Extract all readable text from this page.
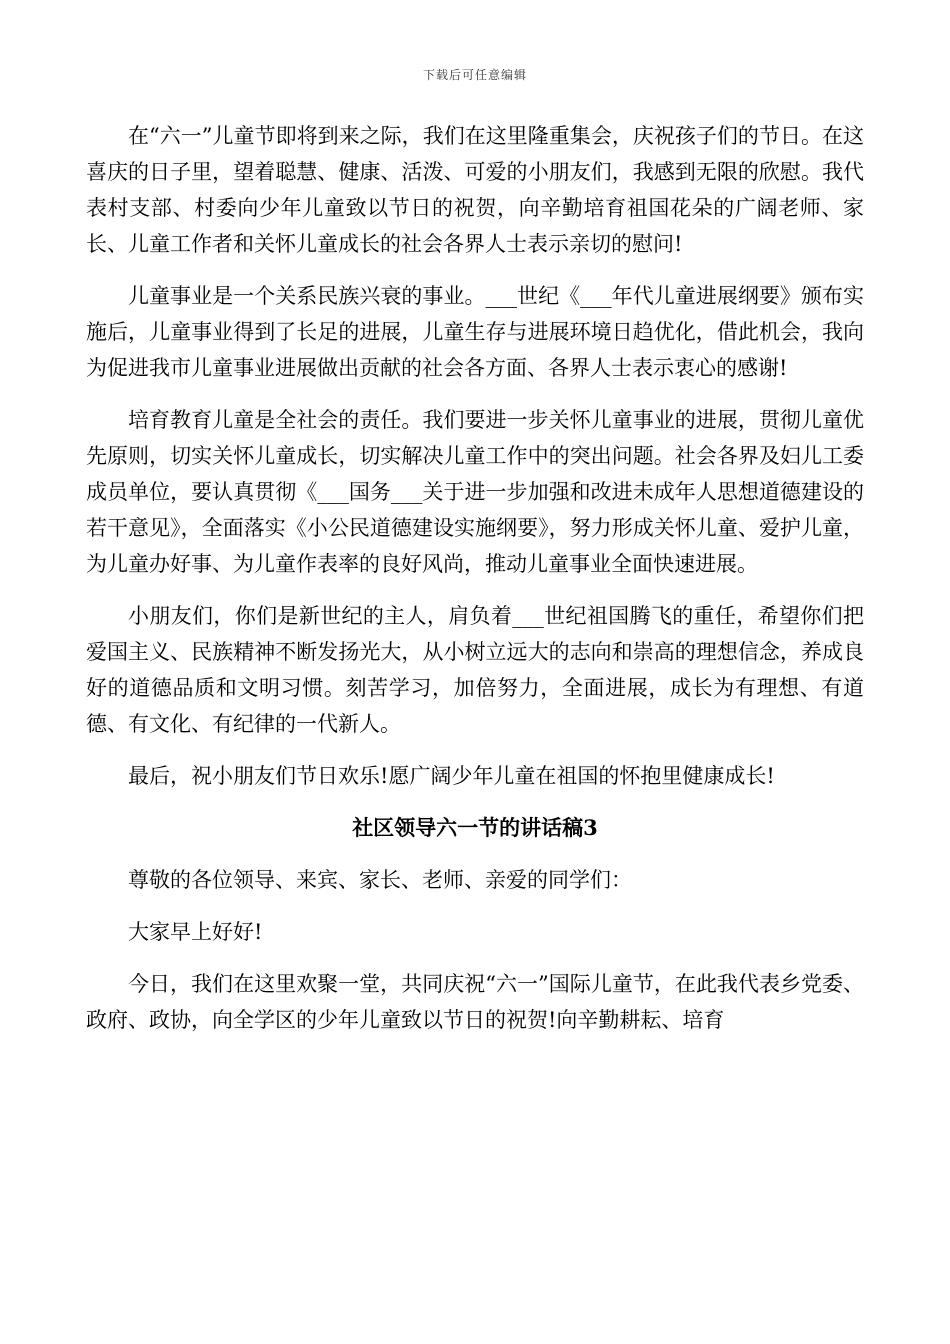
下载后可任意编辑

在“六一”儿童节即将到来之际，我们在这里隆重集会，庆祝孩子们的节日。在这喜庆的日子里，望着聪慧、健康、活泼、可爱的小朋友们，我感到无限的欣慰。我代表村支部、村委向少年儿童致以节日的祝贺，向辛勤培育祖国花朵的广阔老师、家长、儿童工作者和关怀儿童成长的社会各界人士表示亲切的慰问!

儿童事业是一个关系民族兴衰的事业。___世纪《___年代儿童进展纲要》颁布实施后，儿童事业得到了长足的进展，儿童生存与进展环境日趋优化，借此机会，我向为促进我市儿童事业进展做出贡献的社会各方面、各界人士表示衷心的感谢!

培育教育儿童是全社会的责任。我们要进一步关怀儿童事业的进展，贯彻儿童优先原则，切实关怀儿童成长，切实解决儿童工作中的突出问题。社会各界及妇儿工委成员单位，要认真贯彻《___国务___关于进一步加强和改进未成年人思想道德建设的若干意见》，全面落实《小公民道德建设实施纲要》，努力形成关怀儿童、爱护儿童，为儿童办好事、为儿童作表率的良好风尚，推动儿童事业全面快速进展。

小朋友们，你们是新世纪的主人，肩负着___世纪祖国腾飞的重任，希望你们把爱国主义、民族精神不断发扬光大，从小树立远大的志向和崇高的理想信念，养成良好的道德品质和文明习惯。刻苦学习，加倍努力，全面进展，成长为有理想、有道德、有文化、有纪律的一代新人。

最后，祝小朋友们节日欢乐!愿广阔少年儿童在祖国的怀抱里健康成长!

社区领导六一节的讲话稿3

尊敬的各位领导、来宾、家长、老师、亲爱的同学们：

大家早上好好!

今日，我们在这里欢聚一堂，共同庆祝“六一”国际儿童节，在此我代表乡党委、政府、政协，向全学区的少年儿童致以节日的祝贺!向辛勤耕耘、培育
